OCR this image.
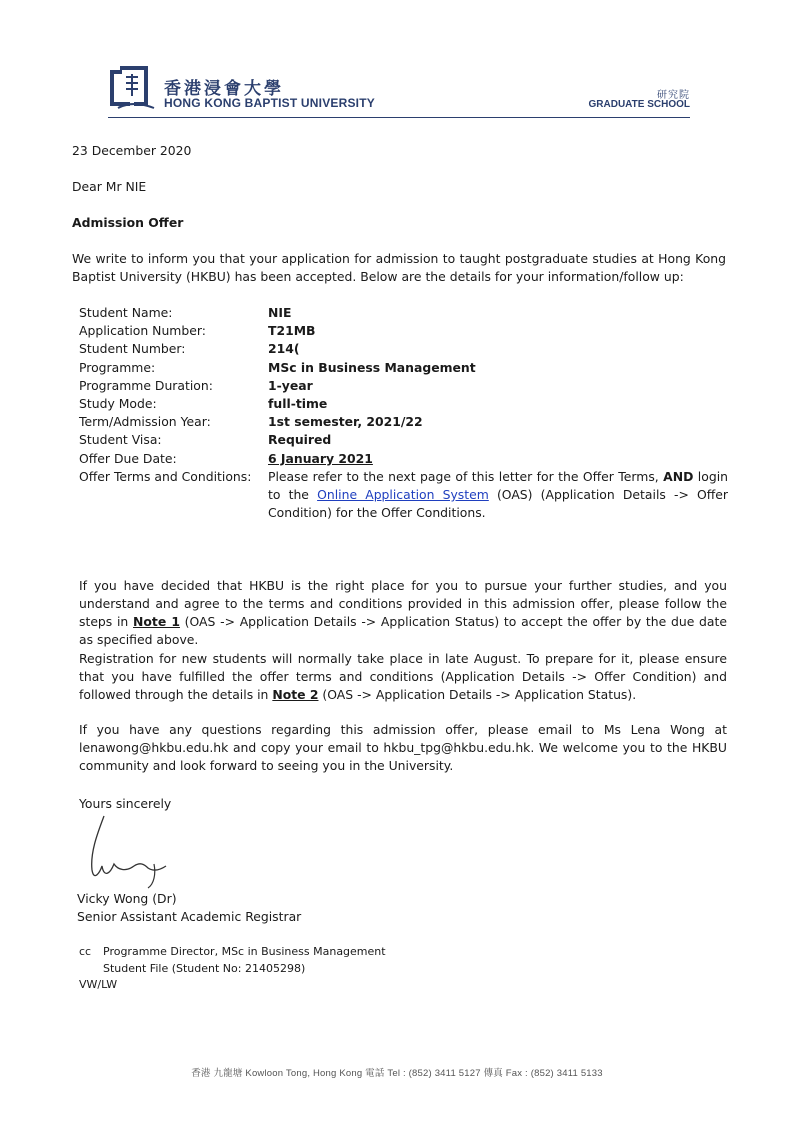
香港浸會大學
HONG KONG BAPTIST UNIVERSITY
研究院
GRADUATE SCHOOL
23 December 2020
Dear Mr NIE
Admission Offer
We write to inform you that your application for admission to taught postgraduate studies at Hong Kong Baptist University (HKBU) has been accepted. Below are the details for your information/follow up:
Student Name:	NIE
Application Number:	T21MB
Student Number:	214(
Programme:	MSc in Business Management
Programme Duration:	1-year
Study Mode:	full-time
Term/Admission Year:	1st semester, 2021/22
Student Visa:	Required
Offer Due Date:	6 January 2021
Offer Terms and Conditions:	Please refer to the next page of this letter for the Offer Terms, AND login to the Online Application System (OAS) (Application Details -> Offer Condition) for the Offer Conditions.
If you have decided that HKBU is the right place for you to pursue your further studies, and you understand and agree to the terms and conditions provided in this admission offer, please follow the steps in Note 1 (OAS -> Application Details -> Application Status) to accept the offer by the due date as specified above.
Registration for new students will normally take place in late August. To prepare for it, please ensure that you have fulfilled the offer terms and conditions (Application Details -> Offer Condition) and followed through the details in Note 2 (OAS -> Application Details -> Application Status).
If you have any questions regarding this admission offer, please email to Ms Lena Wong at lenawong@hkbu.edu.hk and copy your email to hkbu_tpg@hkbu.edu.hk. We welcome you to the HKBU community and look forward to seeing you in the University.
Yours sincerely
Vicky Wong (Dr)
Senior Assistant Academic Registrar
cc Programme Director, MSc in Business Management
Student File (Student No: 21405298)
VW/LW
香港 九龍塘 Kowloon Tong, Hong Kong 電話 Tel : (852) 3411 5127 傳真 Fax : (852) 3411 5133
